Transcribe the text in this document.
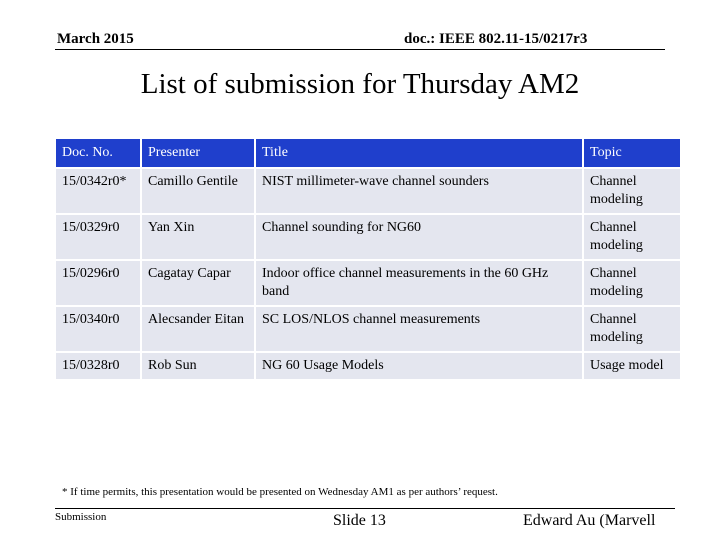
March 2015	doc.: IEEE 802.11-15/0217r3
List of submission for Thursday AM2
Doc. No.	Presenter	Title	Topic
15/0342r0*	Camillo Gentile	NIST millimeter-wave channel sounders	Channel modeling
15/0329r0	Yan Xin	Channel sounding for NG60	Channel modeling
15/0296r0	Cagatay Capar	Indoor office channel measurements in the 60 GHz band	Channel modeling
15/0340r0	Alecsander Eitan	SC LOS/NLOS channel measurements	Channel modeling
15/0328r0	Rob Sun	NG 60 Usage Models	Usage model
* If time permits, this presentation would be presented on Wednesday AM1 as per authors’ request.
Submission	Slide 13	Edward Au (Marvell
